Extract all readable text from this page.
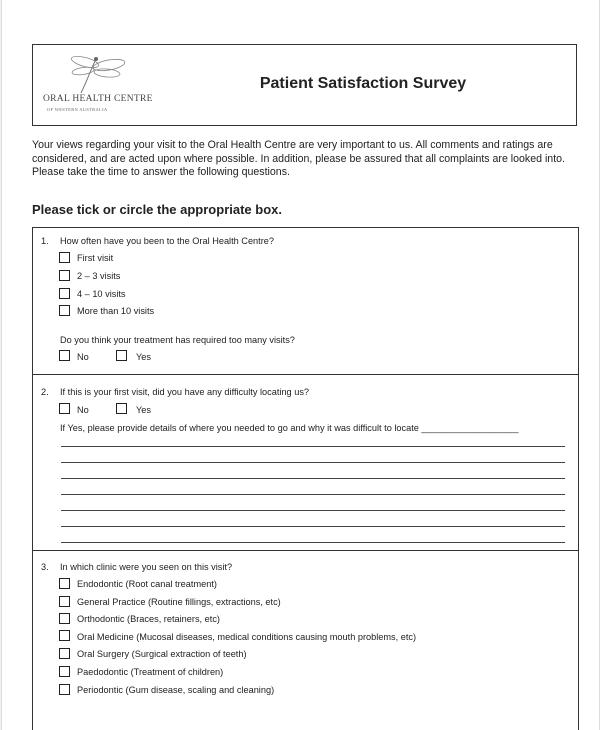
ORAL HEALTH CENTRE
OF WESTERN AUSTRALIA
Patient Satisfaction Survey
Your views regarding your visit to the Oral Health Centre are very important to us. All comments and ratings are
considered, and are acted upon where possible. In addition, please be assured that all complaints are looked into.
Please take the time to answer the following questions.
Please tick or circle the appropriate box.
1. How often have you been to the Oral Health Centre?
First visit
2 – 3 visits
4 – 10 visits
More than 10 visits
Do you think your treatment has required too many visits?
No	Yes
2. If this is your first visit, did you have any difficulty locating us?
No	Yes
If Yes, please provide details of where you needed to go and why it was difficult to locate ___________________
3. In which clinic were you seen on this visit?
Endodontic (Root canal treatment)
General Practice (Routine fillings, extractions, etc)
Orthodontic (Braces, retainers, etc)
Oral Medicine (Mucosal diseases, medical conditions causing mouth problems, etc)
Oral Surgery (Surgical extraction of teeth)
Paedodontic (Treatment of children)
Periodontic (Gum disease, scaling and cleaning)
